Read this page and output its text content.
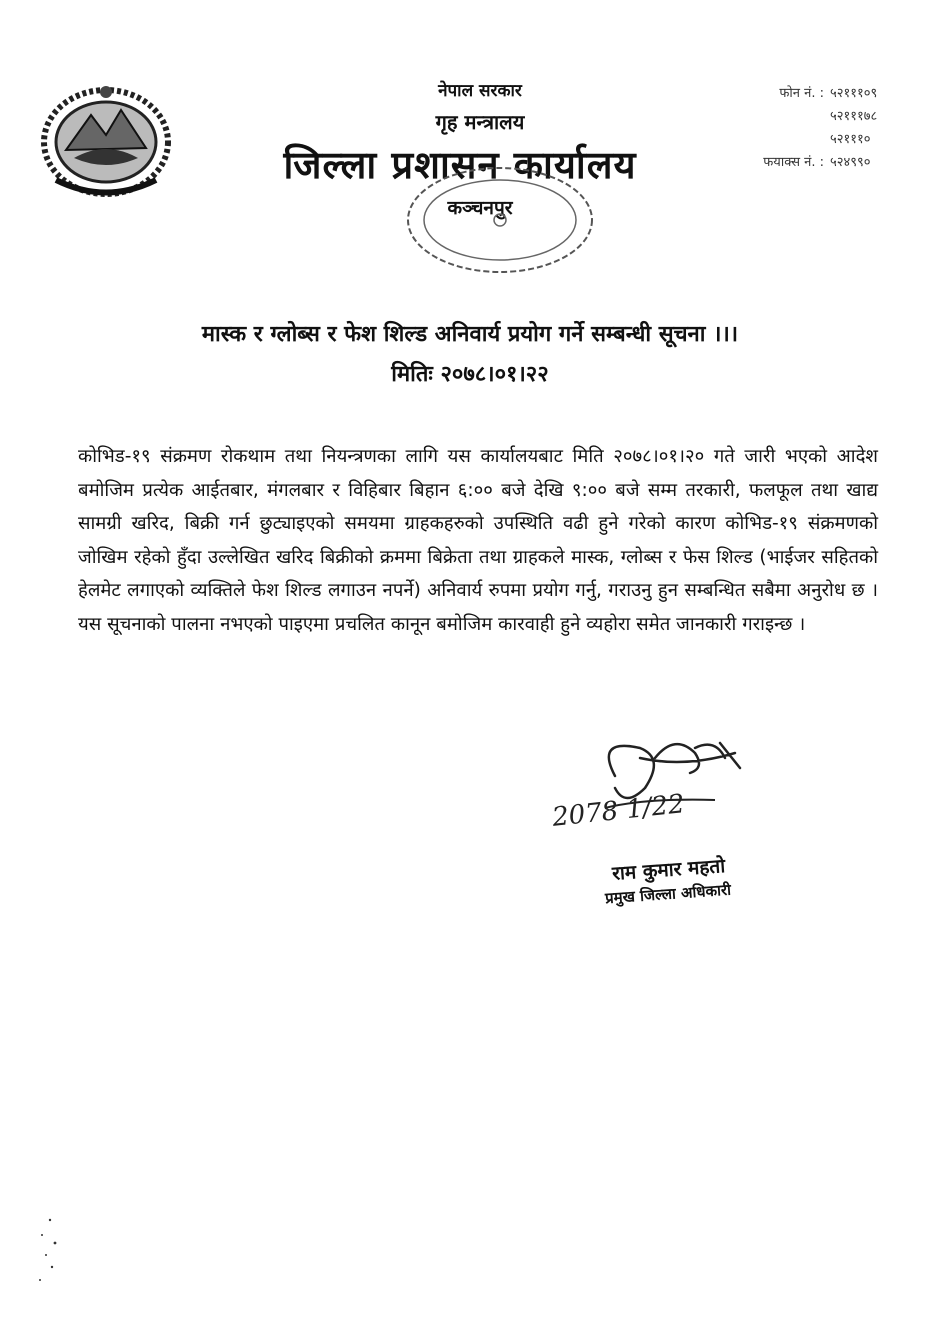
नेपाल सरकार
गृह मन्त्रालय
जिल्ला प्रशासन कार्यालय
कञ्चनपुर
फोन नं. : ५२१११०९
५२१११७८
५२१११०
फयाक्स नं. : ५२४९९०
मास्क र ग्लोब्स र फेश शिल्ड अनिवार्य प्रयोग गर्ने सम्बन्धी सूचना ।।।
मितिः २०७८।०१।२२
कोभिड-१९ संक्रमण रोकथाम तथा नियन्त्रणका लागि यस कार्यालयबाट मिति २०७८।०१।२० गते जारी भएको आदेश बमोजिम प्रत्येक आईतबार, मंगलबार र विहिबार बिहान ६:०० बजे देखि ९:०० बजे सम्म तरकारी, फलफूल तथा खाद्य सामग्री खरिद, बिक्री गर्न छुट्याइएको समयमा ग्राहकहरुको उपस्थिति वढी हुने गरेको कारण कोभिड-१९ संक्रमणको जोखिम रहेको हुँदा उल्लेखित खरिद बिक्रीको क्रममा बिक्रेता तथा ग्राहकले मास्क, ग्लोब्स र फेस शिल्ड (भाईजर सहितको हेलमेट लगाएको व्यक्तिले फेश शिल्ड लगाउन नपर्ने) अनिवार्य रुपमा प्रयोग गर्नु, गराउनु हुन सम्बन्धित सबैमा अनुरोध छ । यस सूचनाको पालना नभएको पाइएमा प्रचलित कानून बमोजिम कारवाही हुने व्यहोरा समेत जानकारी गराइन्छ ।
2078 1/22
राम कुमार महतो
प्रमुख जिल्ला अधिकारी
